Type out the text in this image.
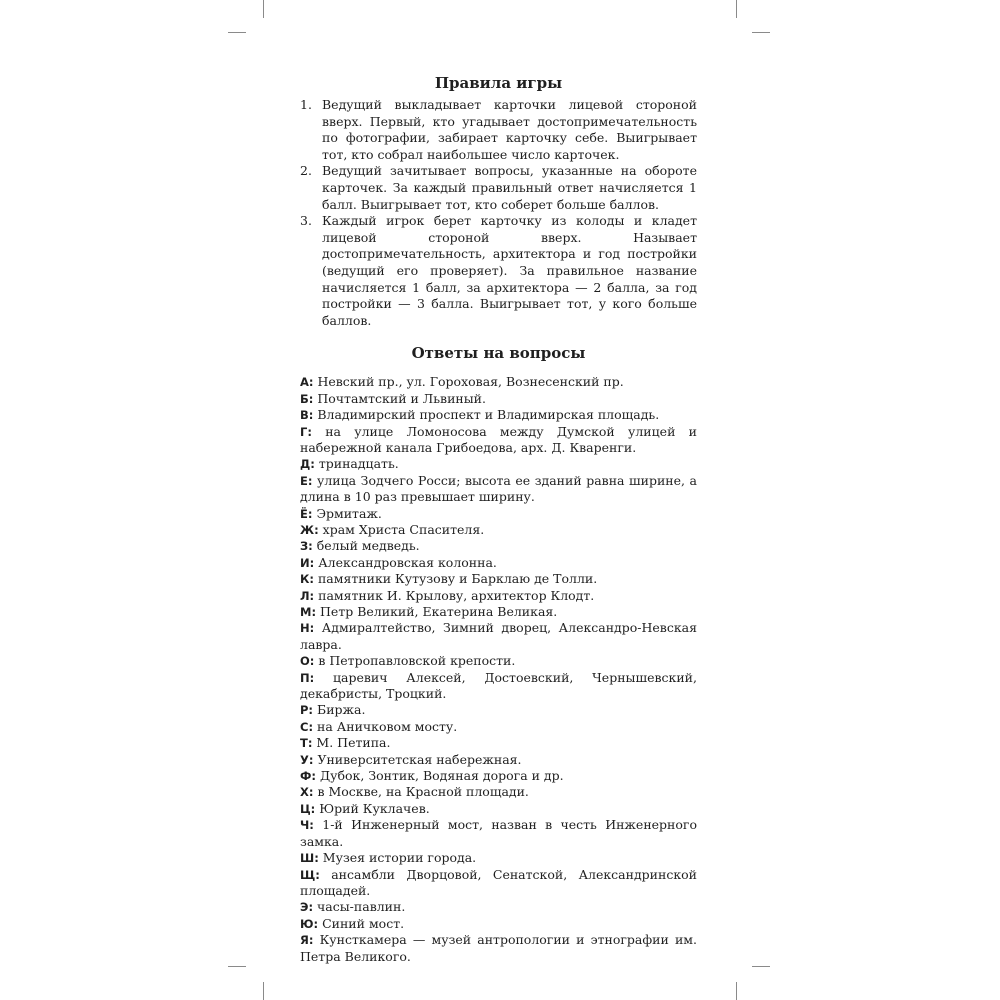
Правила игры
1. Ведущий выкладывает карточки лицевой стороной вверх. Первый, кто угадывает достопримечательность по фотографии, забирает карточку себе. Выигрывает тот, кто собрал наибольшее число карточек.
2. Ведущий зачитывает вопросы, указанные на обороте карточек. За каждый правильный ответ начисляется 1 балл. Выигрывает тот, кто соберет больше баллов.
3. Каждый игрок берет карточку из колоды и кладет лицевой стороной вверх. Называет достопримечательность, архитектора и год постройки (ведущий его проверяет). За правильное название начисляется 1 балл, за архитектора — 2 балла, за год постройки — 3 балла. Выигрывает тот, у кого больше баллов.
Ответы на вопросы
А: Невский пр., ул. Гороховая, Вознесенский пр.
Б: Почтамтский и Львиный.
В: Владимирский проспект и Владимирская площадь.
Г: на улице Ломоносова между Думской улицей и набережной канала Грибоедова, арх. Д. Кваренги.
Д: тринадцать.
Е: улица Зодчего Росси; высота ее зданий равна ширине, а длина в 10 раз превышает ширину.
Ё: Эрмитаж.
Ж: храм Христа Спасителя.
З: белый медведь.
И: Александровская колонна.
К: памятники Кутузову и Барклаю де Толли.
Л: памятник И. Крылову, архитектор Клодт.
М: Петр Великий, Екатерина Великая.
Н: Адмиралтейство, Зимний дворец, Александро-Невская лавра.
О: в Петропавловской крепости.
П: царевич Алексей, Достоевский, Чернышевский, декабристы, Троцкий.
Р: Биржа.
С: на Аничковом мосту.
Т: М. Петипа.
У: Университетская набережная.
Ф: Дубок, Зонтик, Водяная дорога и др.
Х: в Москве, на Красной площади.
Ц: Юрий Куклачев.
Ч: 1-й Инженерный мост, назван в честь Инженерного замка.
Ш: Музея истории города.
Щ: ансамбли Дворцовой, Сенатской, Александринской площадей.
Э: часы-павлин.
Ю: Синий мост.
Я: Кунсткамера — музей антропологии и этнографии им. Петра Великого.
